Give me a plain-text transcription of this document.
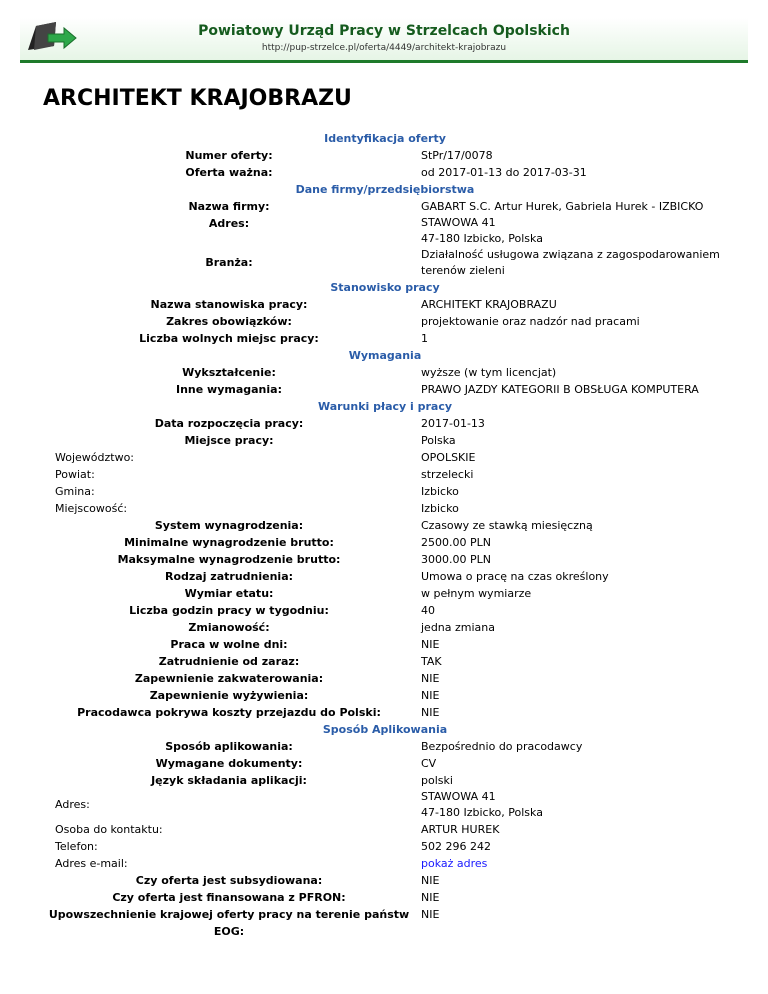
Powiatowy Urząd Pracy w Strzelcach Opolskich
http://pup-strzelce.pl/oferta/4449/architekt-krajobrazu
ARCHITEKT KRAJOBRAZU
Identyfikacja oferty
Numer oferty:	StPr/17/0078
Oferta ważna:	od 2017-01-13 do 2017-03-31
Dane firmy/przedsiębiorstwa
Nazwa firmy:	GABART S.C. Artur Hurek, Gabriela Hurek - IZBICKO
Adres:	STAWOWA 41
47-180 Izbicko, Polska
Branża:
Działalność usługowa związana z zagospodarowaniem
terenów zieleni
Stanowisko pracy
Nazwa stanowiska pracy:	ARCHITEKT KRAJOBRAZU
Zakres obowiązków:	projektowanie oraz nadzór nad pracami
Liczba wolnych miejsc pracy:	1
Wymagania
Wykształcenie:	wyższe (w tym licencjat)
Inne wymagania:	PRAWO JAZDY KATEGORII B OBSŁUGA KOMPUTERA
Warunki płacy i pracy
Data rozpoczęcia pracy:	2017-01-13
Miejsce pracy:	Polska
Województwo:	OPOLSKIE
Powiat:	strzelecki
Gmina:	Izbicko
Miejscowość:	Izbicko
System wynagrodzenia:	Czasowy ze stawką miesięczną
Minimalne wynagrodzenie brutto:	2500.00 PLN
Maksymalne wynagrodzenie brutto:	3000.00 PLN
Rodzaj zatrudnienia:	Umowa o pracę na czas określony
Wymiar etatu:	w pełnym wymiarze
Liczba godzin pracy w tygodniu:	40
Zmianowość:	jedna zmiana
Praca w wolne dni:	NIE
Zatrudnienie od zaraz:	TAK
Zapewnienie zakwaterowania:	NIE
Zapewnienie wyżywienia:	NIE
Pracodawca pokrywa koszty przejazdu do Polski:	NIE
Sposób Aplikowania
Sposób aplikowania:	Bezpośrednio do pracodawcy
Wymagane dokumenty:	CV
Język składania aplikacji:	polski
Adres:
STAWOWA 41
47-180 Izbicko, Polska
Osoba do kontaktu:	ARTUR HUREK
Telefon:	502 296 242
Adres e-mail:	pokaż adres
Czy oferta jest subsydiowana:	NIE
Czy oferta jest finansowana z PFRON:	NIE
Upowszechnienie krajowej oferty pracy na terenie państw EOG:
NIE
